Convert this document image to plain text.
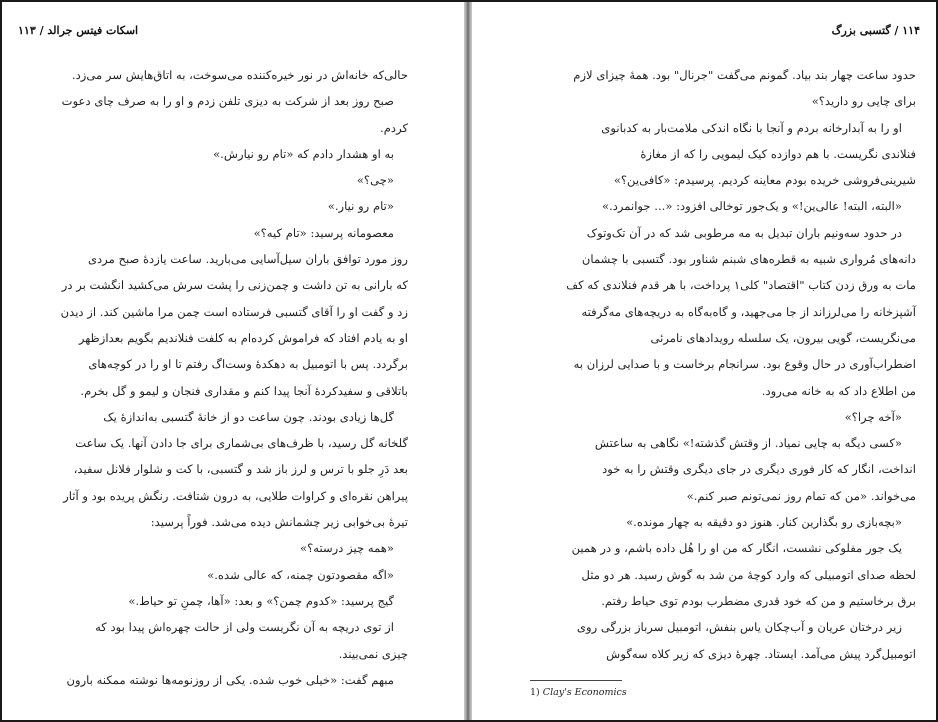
اسکات فیتس جرالد / ۱۱۳

حالی‌که خانه‌اش در نور خیره‌کننده می‌سوخت، به اتاق‌هایش سر می‌زد.

صبح روز بعد از شرکت به دیزی تلفن زدم و او را به صرف چای دعوت

کردم.

به او هشدار دادم که «تام رو نیارش.»

«چی؟»

«تام رو نیار.»

معصومانه پرسید: «تام کیه؟»

روز مورد توافق باران سیل‌آسایی می‌بارید. ساعت یازدهٔ صبح مردی

که بارانی به تن داشت و چمن‌زنی را پشت سرش می‌کشید انگشت بر در

زد و گفت او را آقای گتسبی فرستاده است چمن مرا ماشین کند. از دیدن

او به یادم افتاد که فراموش کرده‌ام به کلفت فنلاندیم بگویم بعدازظهر

برگردد. پس با اتومبیل به دهکدهٔ وست‌اگ رفتم تا او را در کوچه‌های

باتلاقی و سفیدکردهٔ آنجا پیدا کنم و مقداری فنجان و لیمو و گل بخرم.

گل‌ها زیادی بودند. چون ساعت دو از خانهٔ گتسبی به‌اندازهٔ یک

گلخانه گل رسید، با ظرف‌های بی‌شماری برای جا دادن آنها. یک ساعت

بعد دَرِ جلو با ترس و لرز باز شد و گتسبی، با کت و شلوار فلانل سفید،

پیراهن نقره‌ای و کراوات طلایی، به درون شتافت. رنگش پریده بود و آثار

تیرهٔ بی‌خوابی زیر چشمانش دیده می‌شد. فوراً پرسید:

«همه چیز درسته؟»

«اگه مقصودتون چمنه، که عالی شده.»

گیج پرسید: «کدوم چمن؟» و بعد: «آها، چمنِ تو حیاط.»

از توی دریچه به آن نگریست ولی از حالت چهره‌اش پیدا بود که

چیزی نمی‌بیند.

مبهم گفت: «خیلی خوب شده. یکی از روزنومه‌ها نوشته ممکنه بارون

۱۱۴ / گتسبی بزرگ

حدود ساعت چهار بند بیاد. گمونم می‌گفت "جرنال" بود. همهٔ چیزای لازم

برای چایی رو دارید؟»

او را به آبدارخانه بردم و آنجا با نگاه اندکی ملامت‌بار به کدبانوی

فنلاندی نگریست. با هم دوازده کیک لیمویی را که از مغازهٔ

شیرینی‌فروشی خریده بودم معاینه کردیم. پرسیدم: «کافی‌ین؟»

«البته، البته! عالی‌ین!» و یک‌جور توخالی افزود: «... جوانمرد.»

در حدود سه‌ونیم باران تبدیل به مه مرطوبی شد که در آن تک‌وتوک

دانه‌های مُرواری شبیه به قطره‌های شبنم شناور بود. گتسبی با چشمان

مات به ورق زدن کتاب "اقتصاد" کلی۱ پرداخت، با هر قدم فنلاندی که کف

آشپزخانه را می‌لرزاند از جا می‌جهید، و گاه‌به‌گاه به دریچه‌های مه‌گرفته

می‌نگریست، گویی بیرون، یک سلسله رویدادهای نامرئی

اضطراب‌آوری در حال وقوع بود. سرانجام برخاست و با صدایی لرزان به

من اطلاع داد که به خانه می‌رود.

«آخه چرا؟»

«کسی دیگه به چایی نمیاد. از وقتش گذشته!» نگاهی به ساعتش

انداخت، انگار که کار فوری دیگری در جای دیگری وقتش را به خود

می‌خواند. «من که تمام روز نمی‌تونم صبر کنم.»

«بچه‌بازی رو بگذارین کنار. هنوز دو دقیقه به چهار مونده.»

یک جور مفلوکی نشست، انگار که من او را هُل داده باشم، و در همین

لحظه صدای اتومبیلی که وارد کوچهٔ من شد به گوش رسید. هر دو مثل

برق برخاستیم و من که خود قدری مضطرب بودم توی حیاط رفتم.

زیر درختان عریان و آب‌چکان یاس بنفش، اتومبیل سرباز بزرگی روی

اتومبیل‌گرد پیش می‌آمد. ایستاد. چهرهٔ دیزی که زیر کلاه سه‌گوش

1) Clay's Economics
